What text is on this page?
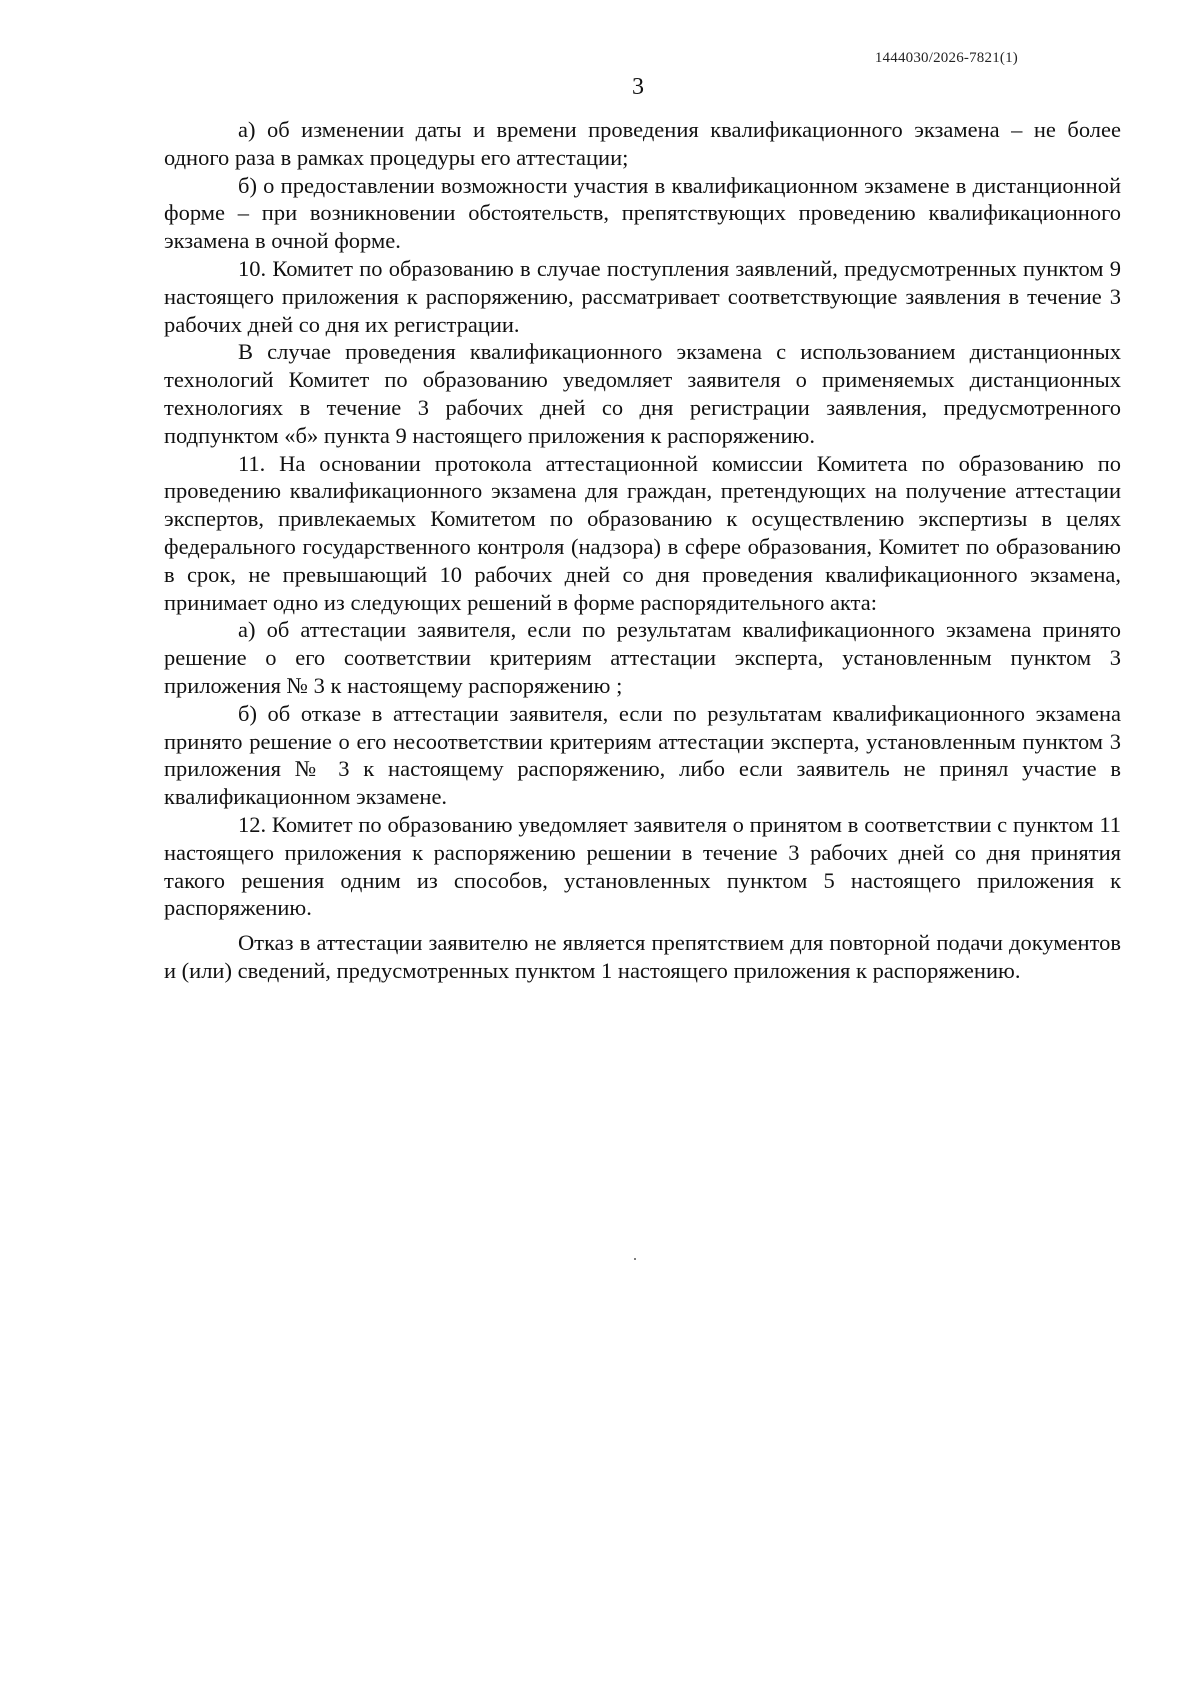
1444030/2026-7821(1)
3

а) об изменении даты и времени проведения квалификационного экзамена – не более одного раза в рамках процедуры его аттестации;

б) о предоставлении возможности участия в квалификационном экзамене в дистанционной форме – при возникновении обстоятельств, препятствующих проведению квалификационного экзамена в очной форме.

10. Комитет по образованию в случае поступления заявлений, предусмотренных пунктом 9 настоящего приложения к распоряжению, рассматривает соответствующие заявления в течение 3 рабочих дней со дня их регистрации.

В случае проведения квалификационного экзамена с использованием дистанционных технологий Комитет по образованию уведомляет заявителя о применяемых дистанционных технологиях в течение 3 рабочих дней со дня регистрации заявления, предусмотренного подпунктом «б» пункта 9 настоящего приложения к распоряжению.

11. На основании протокола аттестационной комиссии Комитета по образованию по проведению квалификационного экзамена для граждан, претендующих на получение аттестации экспертов, привлекаемых Комитетом по образованию к осуществлению экспертизы в целях федерального государственного контроля (надзора) в сфере образования, Комитет по образованию в срок, не превышающий 10 рабочих дней со дня проведения квалификационного экзамена, принимает одно из следующих решений в форме распорядительного акта:

а) об аттестации заявителя, если по результатам квалификационного экзамена принято решение о его соответствии критериям аттестации эксперта, установленным пунктом 3 приложения № 3 к настоящему распоряжению ;

б) об отказе в аттестации заявителя, если по результатам квалификационного экзамена принято решение о его несоответствии критериям аттестации эксперта, установленным пунктом 3 приложения № 3 к настоящему распоряжению, либо если заявитель не принял участие в квалификационном экзамене.

12. Комитет по образованию уведомляет заявителя о принятом в соответствии с пунктом 11 настоящего приложения к распоряжению решении в течение 3 рабочих дней со дня принятия такого решения одним из способов, установленных пунктом 5 настоящего приложения к распоряжению.

Отказ в аттестации заявителю не является препятствием для повторной подачи документов и (или) сведений, предусмотренных пунктом 1 настоящего приложения к распоряжению.
